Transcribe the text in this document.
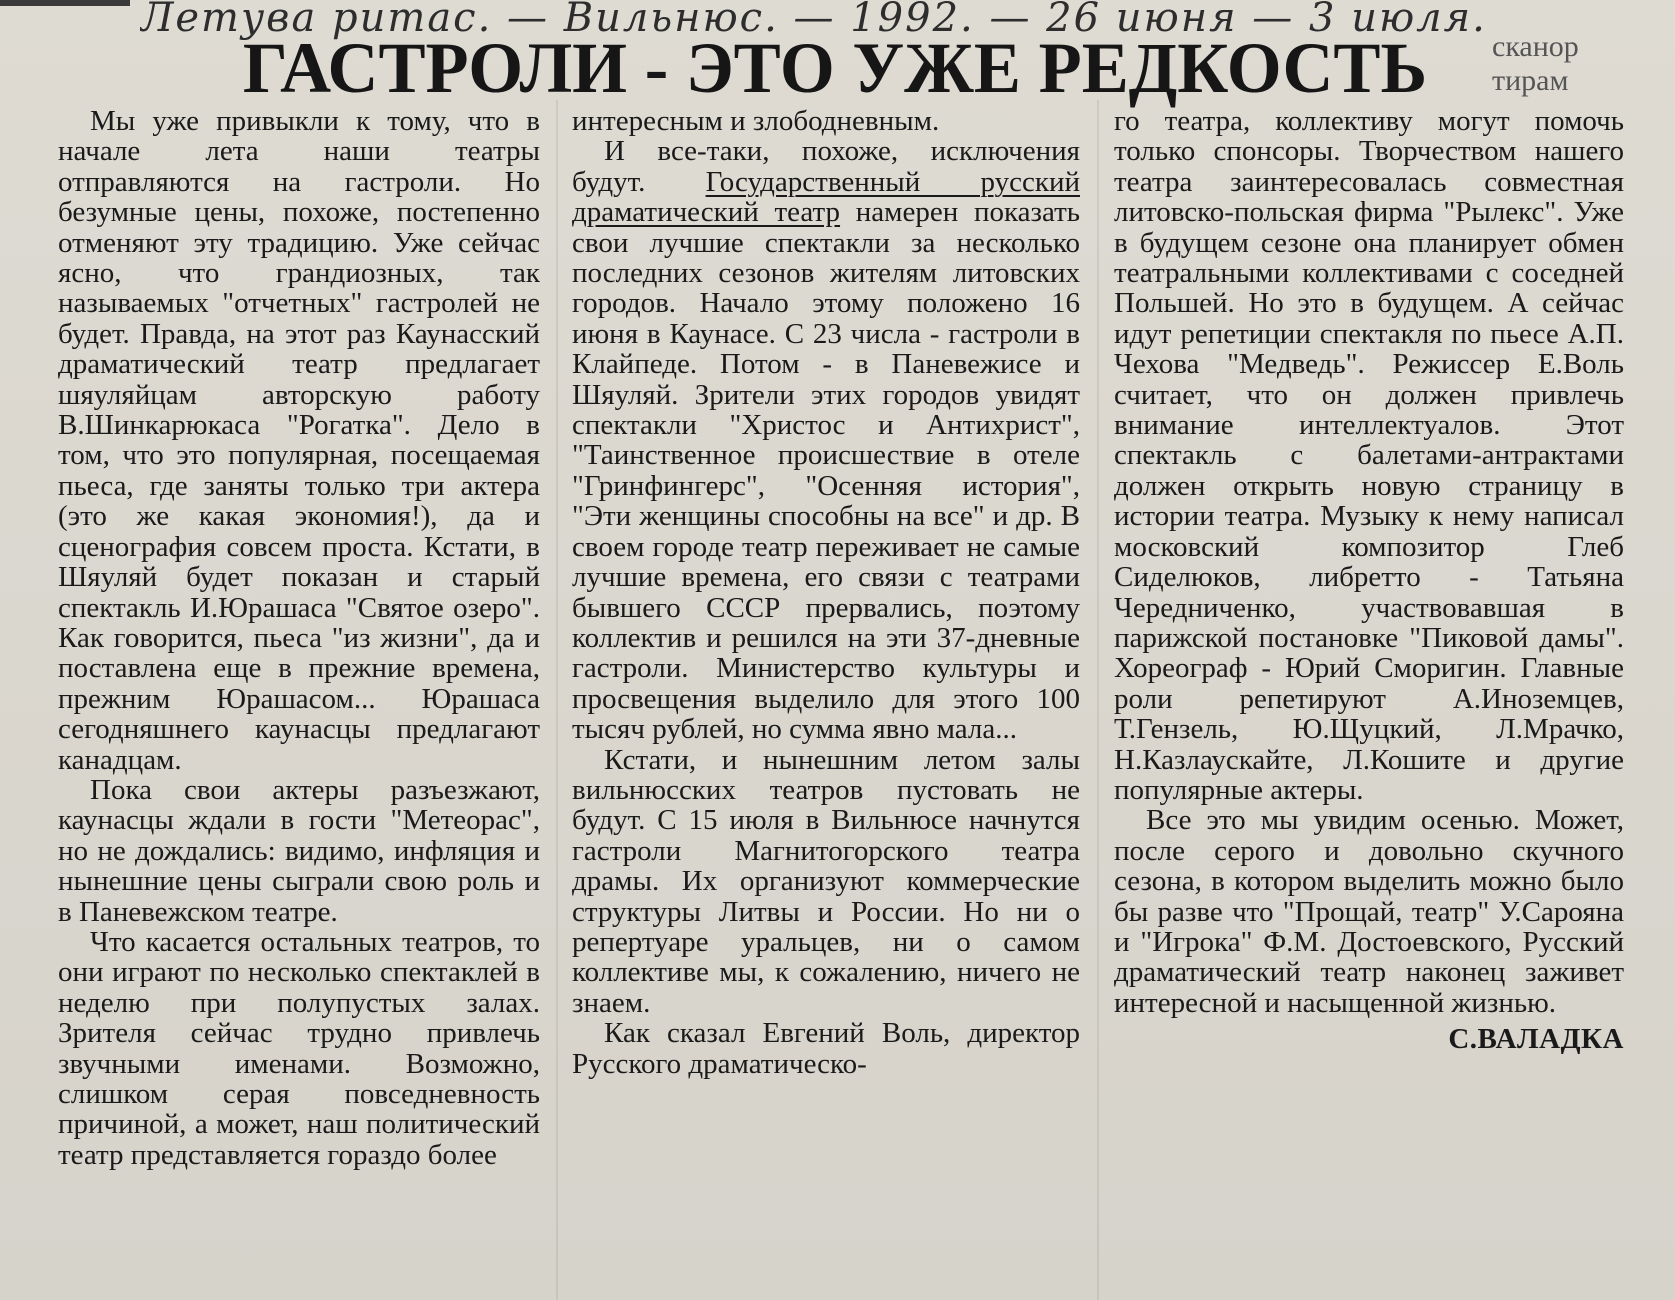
Летува ритас. — Вильнюс. — 1992. — 26 июня — 3 июля.
ГАСТРОЛИ - ЭТО УЖЕ РЕДКОСТЬ	сканор
тирам

Мы уже привыкли к тому, что в начале лета наши театры отправляются на гастроли. Но безумные цены, похоже, постепенно отменяют эту традицию. Уже сейчас ясно, что грандиозных, так называемых "отчетных" гастролей не будет. Правда, на этот раз Каунасский драматический театр предлагает шяуляйцам авторскую работу В.Шинкарюкаса "Рогатка". Дело в том, что это популярная, посещаемая пьеса, где заняты только три актера (это же какая экономия!), да и сценография совсем проста. Кстати, в Шяуляй будет показан и старый спектакль И.Юрашаса "Святое озеро". Как говорится, пьеса "из жизни", да и поставлена еще в прежние времена, прежним Юрашасом... Юрашаса сегодняшнего каунасцы предлагают канадцам.

Пока свои актеры разъезжают, каунасцы ждали в гости "Метеорас", но не дождались: видимо, инфляция и нынешние цены сыграли свою роль и в Паневежском театре.

Что касается остальных театров, то они играют по несколько спектаклей в неделю при полупустых залах. Зрителя сейчас трудно привлечь звучными именами. Возможно, слишком серая повседневность причиной, а может, наш политический театр представляется гораздо более

интересным и злободневным.

И все-таки, похоже, исключения будут. Государственный русский драматический театр намерен показать свои лучшие спектакли за несколько последних сезонов жителям литовских городов. Начало этому положено 16 июня в Каунасе. С 23 числа - гастроли в Клайпеде. Потом - в Паневежисе и Шяуляй. Зрители этих городов увидят спектакли "Христос и Антихрист", "Таинственное происшествие в отеле "Гринфингерс", "Осенняя история", "Эти женщины способны на все" и др. В своем городе театр переживает не самые лучшие времена, его связи с театрами бывшего СССР прервались, поэтому коллектив и решился на эти 37-дневные гастроли. Министерство культуры и просвещения выделило для этого 100 тысяч рублей, но сумма явно мала...

Кстати, и нынешним летом залы вильнюсских театров пустовать не будут. С 15 июля в Вильнюсе начнутся гастроли Магнитогорского театра драмы. Их организуют коммерческие структуры Литвы и России. Но ни о репертуаре уральцев, ни о самом коллективе мы, к сожалению, ничего не знаем.

Как сказал Евгений Воль, директор Русского драматическо-

го театра, коллективу могут помочь только спонсоры. Творчеством нашего театра заинтересовалась совместная литовско-польская фирма "Рылекс". Уже в будущем сезоне она планирует обмен театральными коллективами с соседней Польшей. Но это в будущем. А сейчас идут репетиции спектакля по пьесе А.П. Чехова "Медведь". Режиссер Е.Воль считает, что он должен привлечь внимание интеллектуалов. Этот спектакль с балетами-антрактами должен открыть новую страницу в истории театра. Музыку к нему написал московский композитор Глеб Сиделюков, либретто - Татьяна Чередниченко, участвовавшая в парижской постановке "Пиковой дамы". Хореограф - Юрий Сморигин. Главные роли репетируют А.Иноземцев, Т.Гензель, Ю.Щуцкий, Л.Мрачко, Н.Казлаускайте, Л.Кошите и другие популярные актеры.

Все это мы увидим осенью. Может, после серого и довольно скучного сезона, в котором выделить можно было бы разве что "Прощай, театр" У.Сарояна и "Игрока" Ф.М. Достоевского, Русский драматический театр наконец заживет интересной и насыщенной жизнью.

С.ВАЛАДКА
